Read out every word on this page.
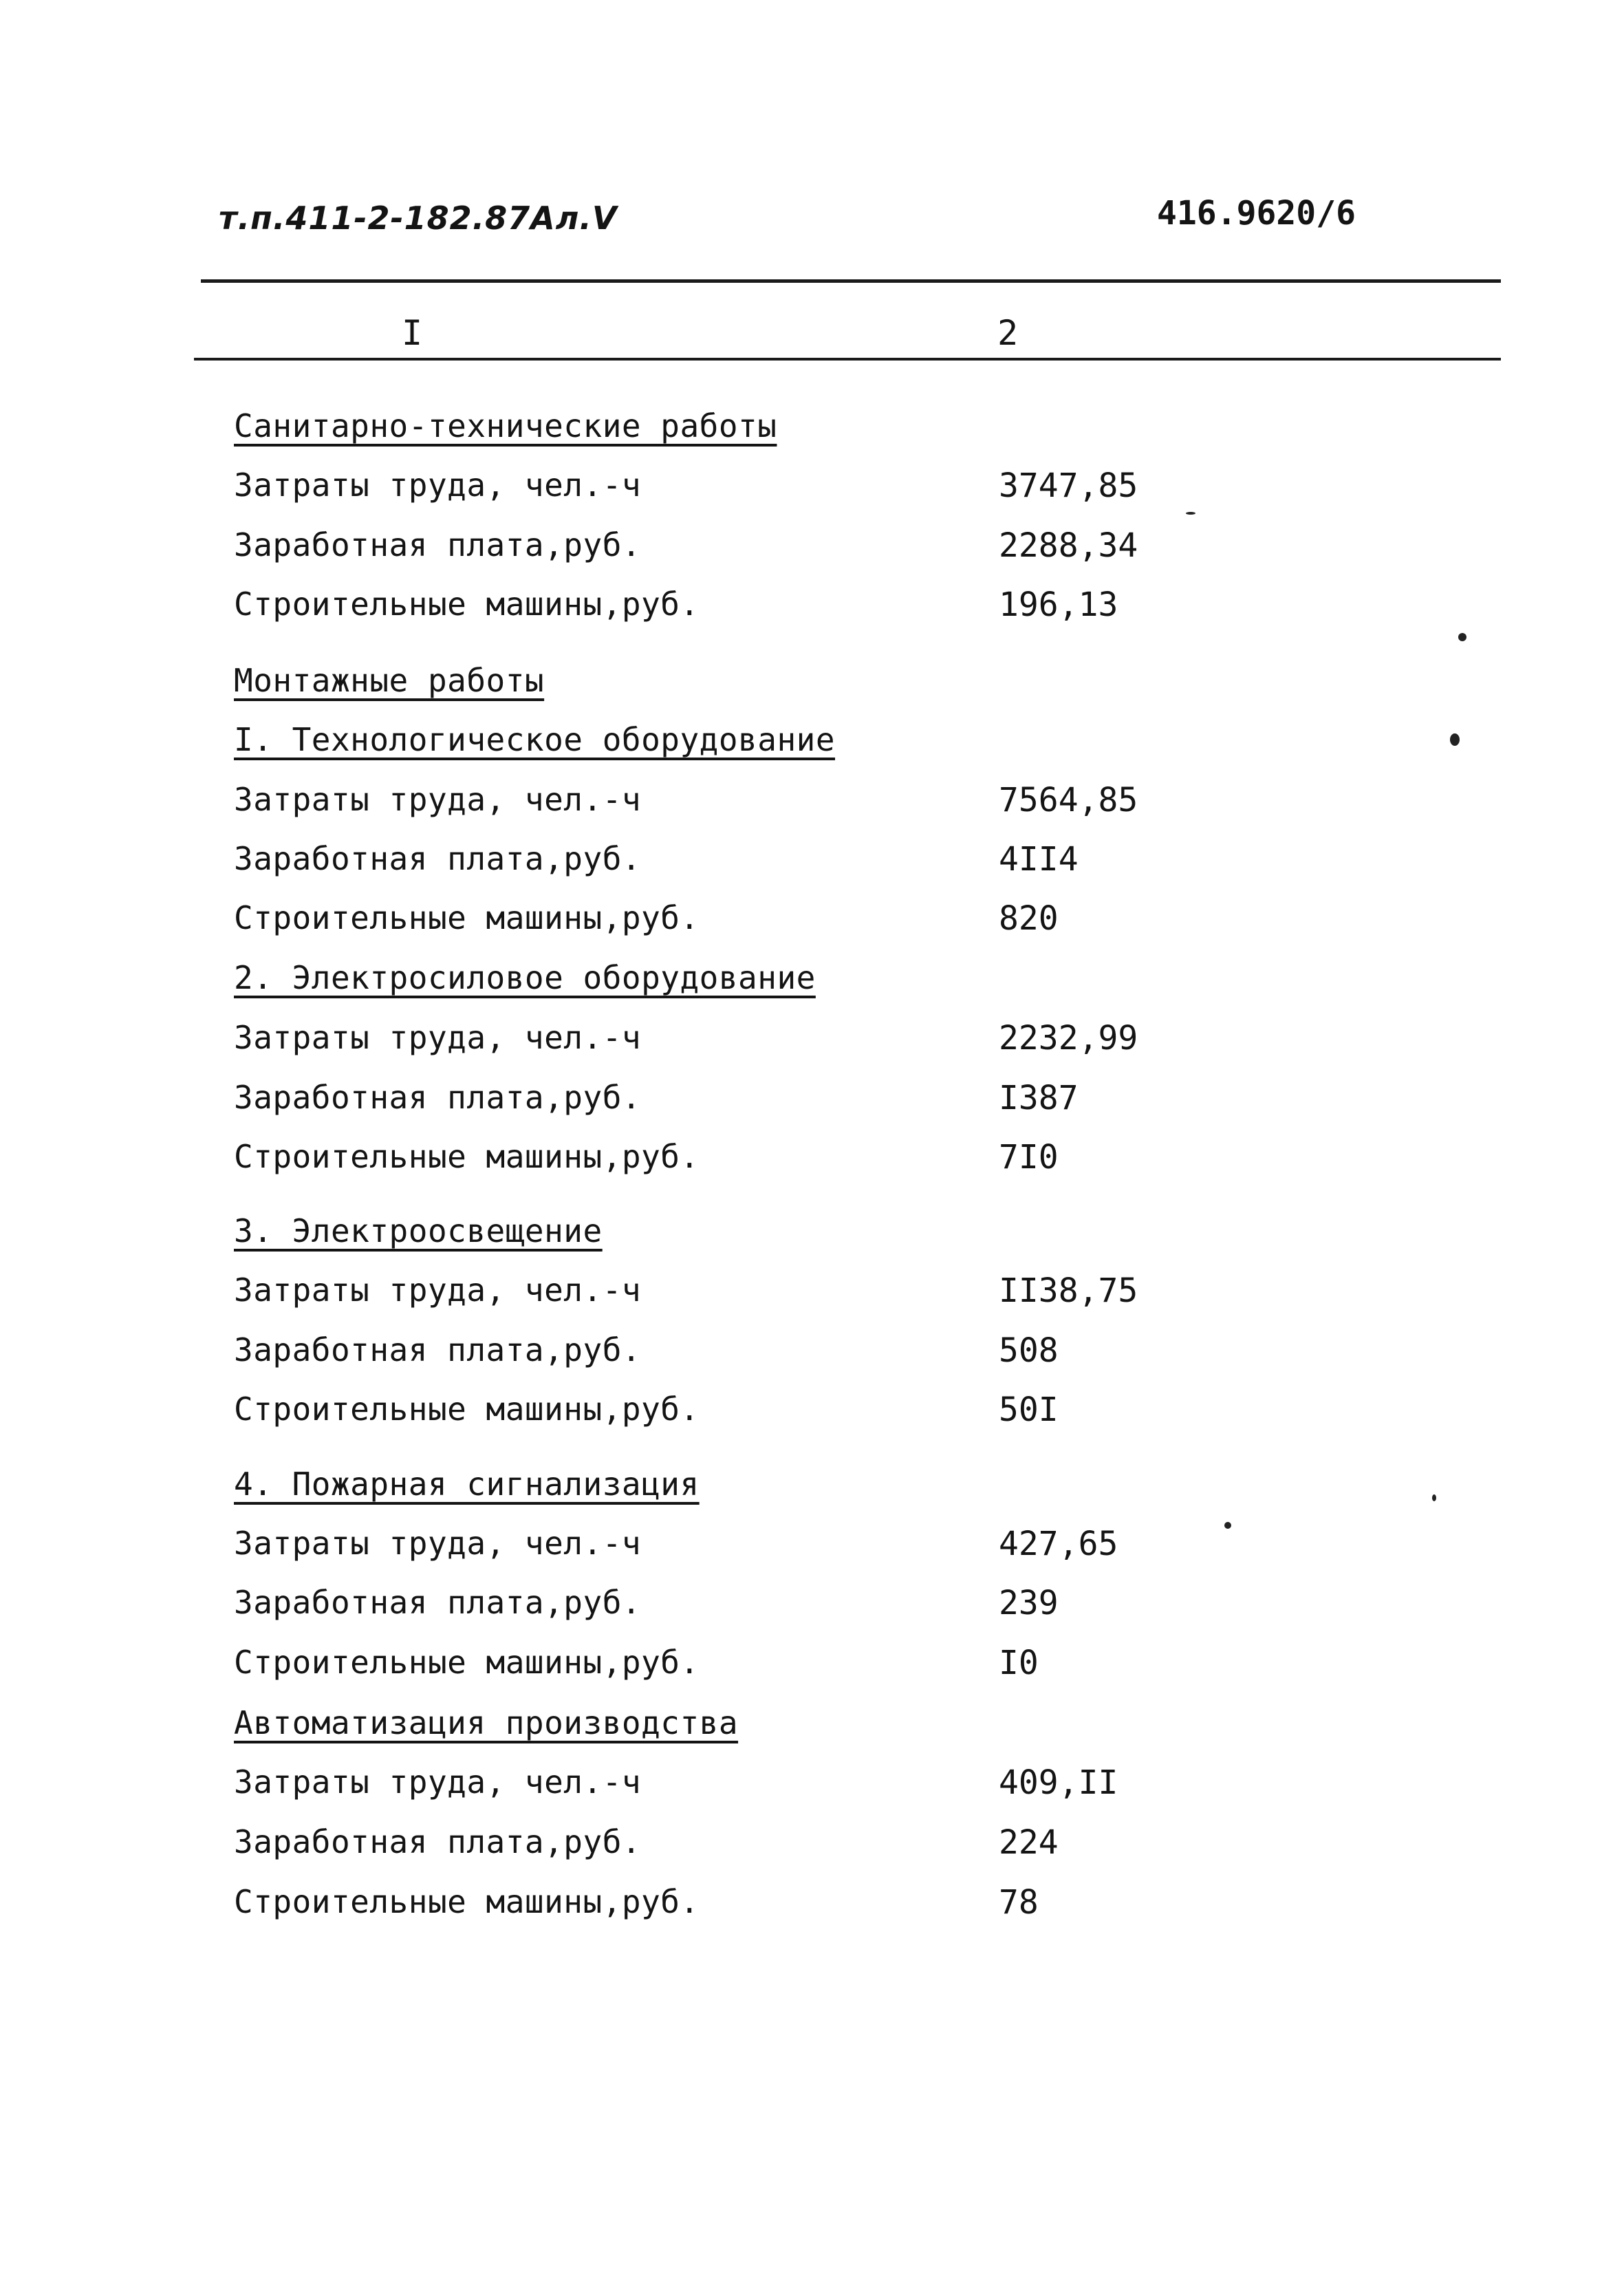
т.п.411-2-182.87Ал.V	416.9620/6
I	2
Санитарно-технические работы
Затраты труда, чел.-ч	3747,85
Заработная плата,руб.	2288,34
Строительные машины,руб.	196,13
Монтажные работы
I. Технологическое оборудование
Затраты труда, чел.-ч	7564,85
Заработная плата,руб.	4II4
Строительные машины,руб.	820
2. Электросиловое оборудование
Затраты труда, чел.-ч	2232,99
Заработная плата,руб.	I387
Строительные машины,руб.	7I0
3. Электроосвещение
Затраты труда, чел.-ч	II38,75
Заработная плата,руб.	508
Строительные машины,руб.	50I
4. Пожарная сигнализация
Затраты труда, чел.-ч	427,65
Заработная плата,руб.	239
Строительные машины,руб.	I0
Автоматизация производства
Затраты труда, чел.-ч	409,II
Заработная плата,руб.	224
Строительные машины,руб.	78
